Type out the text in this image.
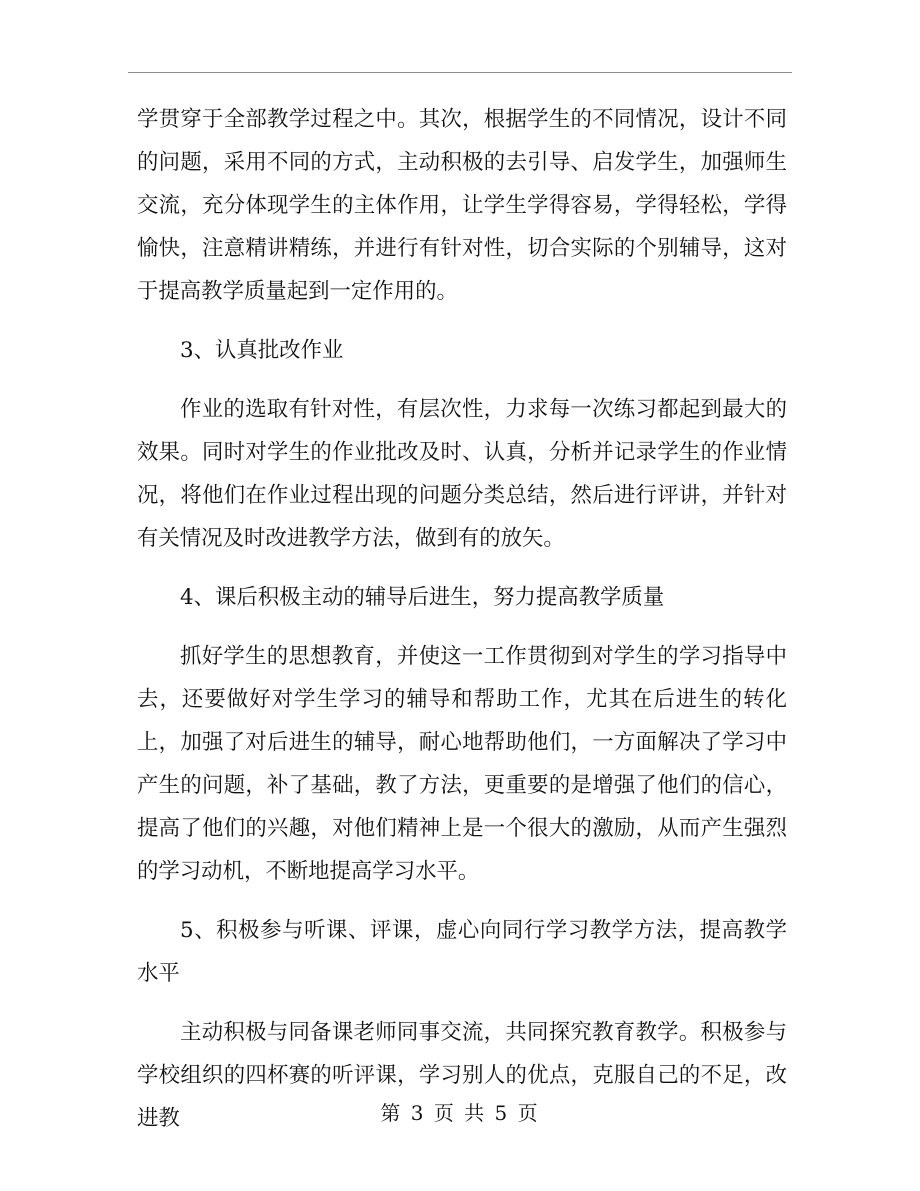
学贯穿于全部教学过程之中。其次，根据学生的不同情况，设计不同的问题，采用不同的方式，主动积极的去引导、启发学生，加强师生交流，充分体现学生的主体作用，让学生学得容易，学得轻松，学得愉快，注意精讲精练，并进行有针对性，切合实际的个别辅导，这对于提高教学质量起到一定作用的。

3、认真批改作业

作业的选取有针对性，有层次性，力求每一次练习都起到最大的效果。同时对学生的作业批改及时、认真，分析并记录学生的作业情况，将他们在作业过程出现的问题分类总结，然后进行评讲，并针对有关情况及时改进教学方法，做到有的放矢。

4、课后积极主动的辅导后进生，努力提高教学质量

抓好学生的思想教育，并使这一工作贯彻到对学生的学习指导中去，还要做好对学生学习的辅导和帮助工作，尤其在后进生的转化上，加强了对后进生的辅导，耐心地帮助他们，一方面解决了学习中产生的问题，补了基础，教了方法，更重要的是增强了他们的信心，提高了他们的兴趣，对他们精神上是一个很大的激励，从而产生强烈的学习动机，不断地提高学习水平。

5、积极参与听课、评课，虚心向同行学习教学方法，提高教学水平

主动积极与同备课老师同事交流，共同探究教育教学。积极参与学校组织的四杯赛的听评课，学习别人的优点，克服自己的不足，改进教	第 3 页 共 5 页
